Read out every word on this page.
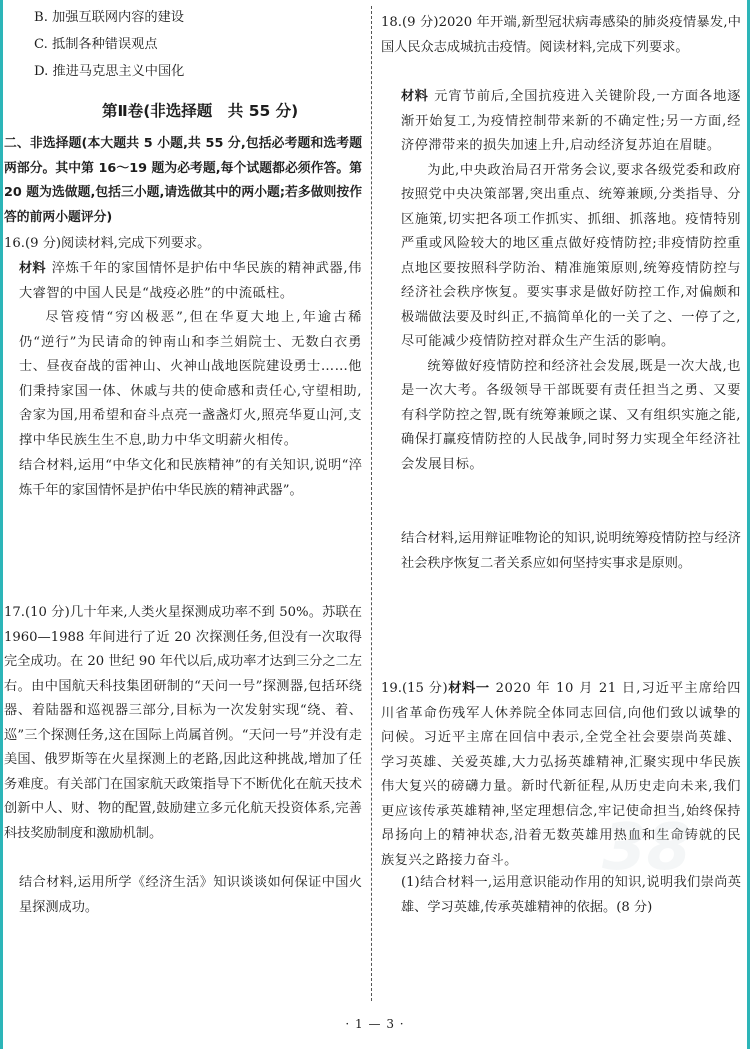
B. 加强互联网内容的建设
C. 抵制各种错误观点
D. 推进马克思主义中国化
第Ⅱ卷(非选择题　共 55 分)

二、非选择题(本大题共 5 小题,共 55 分,包括必考题和选考题两部分。其中第 16～19 题为必考题,每个试题都必须作答。第 20 题为选做题,包括三小题,请选做其中的两小题;若多做则按作答的前两小题评分)

16.(9 分)阅读材料,完成下列要求。

材料 淬炼千年的家国情怀是护佑中华民族的精神武器,伟大睿智的中国人民是“战疫必胜”的中流砥柱。
尽管疫情“穷凶极恶”,但在华夏大地上,年逾古稀仍“逆行”为民请命的钟南山和李兰娟院士、无数白衣勇士、昼夜奋战的雷神山、火神山战地医院建设勇士……他们秉持家国一体、休戚与共的使命感和责任心,守望相助,舍家为国,用希望和奋斗点亮一盏盏灯火,照亮华夏山河,支撑中华民族生生不息,助力中华文明薪火相传。

结合材料,运用“中华文化和民族精神”的有关知识,说明“淬炼千年的家国情怀是护佑中华民族的精神武器”。

17.(10 分)几十年来,人类火星探测成功率不到 50%。苏联在 1960—1988 年间进行了近 20 次探测任务,但没有一次取得完全成功。在 20 世纪 90 年代以后,成功率才达到三分之二左右。由中国航天科技集团研制的“天问一号”探测器,包括环绕器、着陆器和巡视器三部分,目标为一次发射实现“绕、着、巡”三个探测任务,这在国际上尚属首例。“天问一号”并没有走美国、俄罗斯等在火星探测上的老路,因此这种挑战,增加了任务难度。有关部门在国家航天政策指导下不断优化在航天技术创新中人、财、物的配置,鼓励建立多元化航天投资体系,完善科技奖励制度和激励机制。

结合材料,运用所学《经济生活》知识谈谈如何保证中国火星探测成功。

18.(9 分)2020 年开端,新型冠状病毒感染的肺炎疫情暴发,中国人民众志成城抗击疫情。阅读材料,完成下列要求。

材料 元宵节前后,全国抗疫进入关键阶段,一方面各地逐渐开始复工,为疫情控制带来新的不确定性;另一方面,经济停滞带来的损失加速上升,启动经济复苏迫在眉睫。
为此,中央政治局召开常务会议,要求各级党委和政府按照党中央决策部署,突出重点、统筹兼顾,分类指导、分区施策,切实把各项工作抓实、抓细、抓落地。疫情特别严重或风险较大的地区重点做好疫情防控;非疫情防控重点地区要按照科学防治、精准施策原则,统筹疫情防控与经济社会秩序恢复。要实事求是做好防控工作,对偏颇和极端做法要及时纠正,不搞简单化的一关了之、一停了之,尽可能减少疫情防控对群众生产生活的影响。
统筹做好疫情防控和经济社会发展,既是一次大战,也是一次大考。各级领导干部既要有责任担当之勇、又要有科学防控之智,既有统筹兼顾之谋、又有组织实施之能,确保打赢疫情防控的人民战争,同时努力实现全年经济社会发展目标。

结合材料,运用辩证唯物论的知识,说明统筹疫情防控与经济社会秩序恢复二者关系应如何坚持实事求是原则。

19.(15 分)材料一 2020 年 10 月 21 日,习近平主席给四川省革命伤残军人休养院全体同志回信,向他们致以诚挚的问候。习近平主席在回信中表示,全党全社会要崇尚英雄、学习英雄、关爱英雄,大力弘扬英雄精神,汇聚实现中华民族伟大复兴的磅礴力量。新时代新征程,从历史走向未来,我们更应该传承英雄精神,坚定理想信念,牢记使命担当,始终保持昂扬向上的精神状态,沿着无数英雄用热血和生命铸就的民族复兴之路接力奋斗。

(1)结合材料一,运用意识能动作用的知识,说明我们崇尚英雄、学习英雄,传承英雄精神的依据。(8 分)

38
· 1 — 3 ·
